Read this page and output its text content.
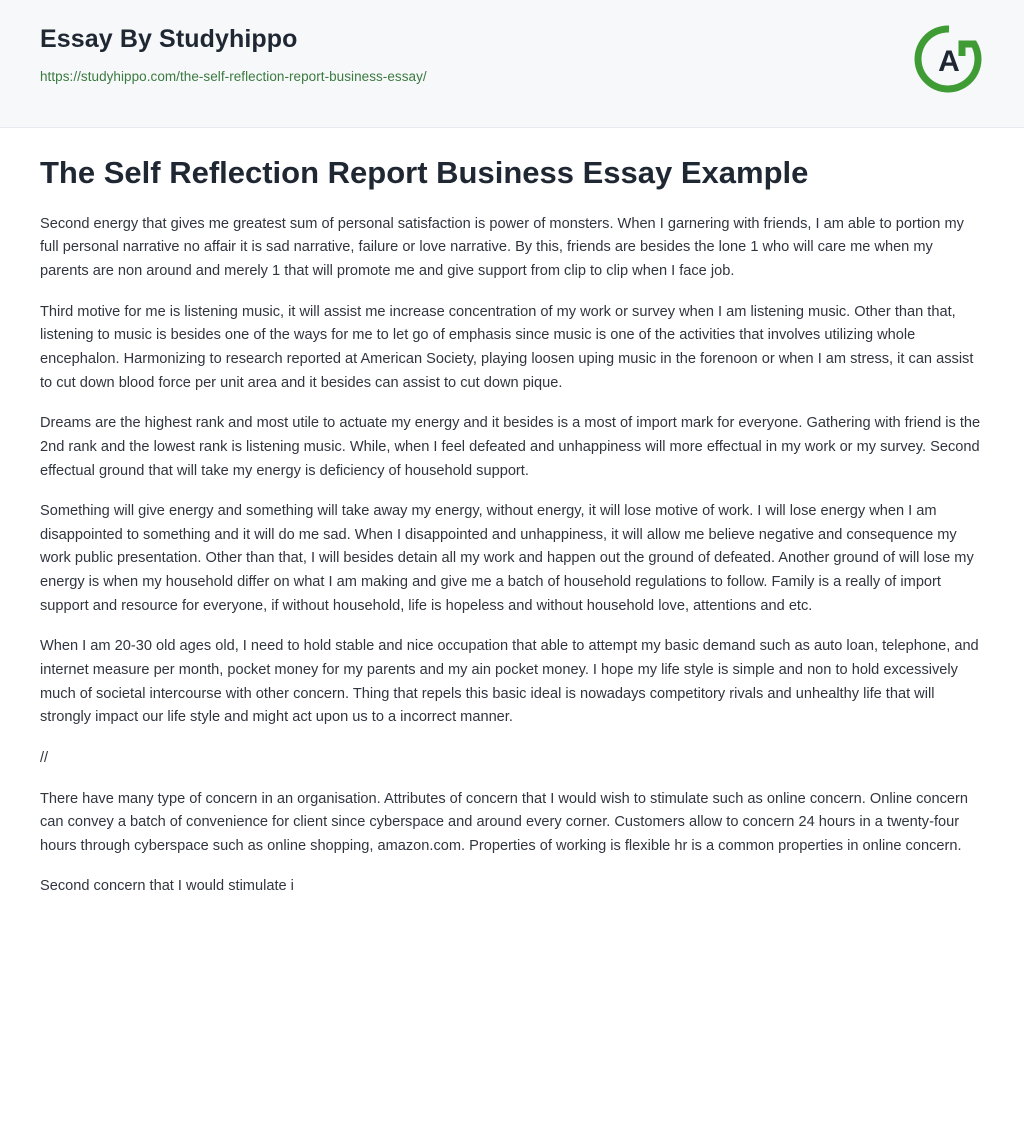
Essay By Studyhippo
https://studyhippo.com/the-self-reflection-report-business-essay/	A
The Self Reflection Report Business Essay Example

Second energy that gives me greatest sum of personal satisfaction is power of monsters. When I garnering with friends, I am able to portion my full personal narrative no affair it is sad narrative, failure or love narrative. By this, friends are besides the lone 1 who will care me when my parents are non around and merely 1 that will promote me and give support from clip to clip when I face job.

Third motive for me is listening music, it will assist me increase concentration of my work or survey when I am listening music. Other than that, listening to music is besides one of the ways for me to let go of emphasis since music is one of the activities that involves utilizing whole encephalon. Harmonizing to research reported at American Society, playing loosen uping music in the forenoon or when I am stress, it can assist to cut down blood force per unit area and it besides can assist to cut down pique.

Dreams are the highest rank and most utile to actuate my energy and it besides is a most of import mark for everyone. Gathering with friend is the 2nd rank and the lowest rank is listening music. While, when I feel defeated and unhappiness will more effectual in my work or my survey. Second effectual ground that will take my energy is deficiency of household support.

Something will give energy and something will take away my energy, without energy, it will lose motive of work. I will lose energy when I am disappointed to something and it will do me sad. When I disappointed and unhappiness, it will allow me believe negative and consequence my work public presentation. Other than that, I will besides detain all my work and happen out the ground of defeated. Another ground of will lose my energy is when my household differ on what I am making and give me a batch of household regulations to follow. Family is a really of import support and resource for everyone, if without household, life is hopeless and without household love, attentions and etc.

When I am 20-30 old ages old, I need to hold stable and nice occupation that able to attempt my basic demand such as auto loan, telephone, and internet measure per month, pocket money for my parents and my ain pocket money. I hope my life style is simple and non to hold excessively much of societal intercourse with other concern. Thing that repels this basic ideal is nowadays competitory rivals and unhealthy life that will strongly impact our life style and might act upon us to a incorrect manner.

//

There have many type of concern in an organisation. Attributes of concern that I would wish to stimulate such as online concern. Online concern can convey a batch of convenience for client since cyberspace and around every corner. Customers allow to concern 24 hours in a twenty-four hours through cyberspace such as online shopping, amazon.com. Properties of working is flexible hr is a common properties in online concern.

Second concern that I would stimulate i
